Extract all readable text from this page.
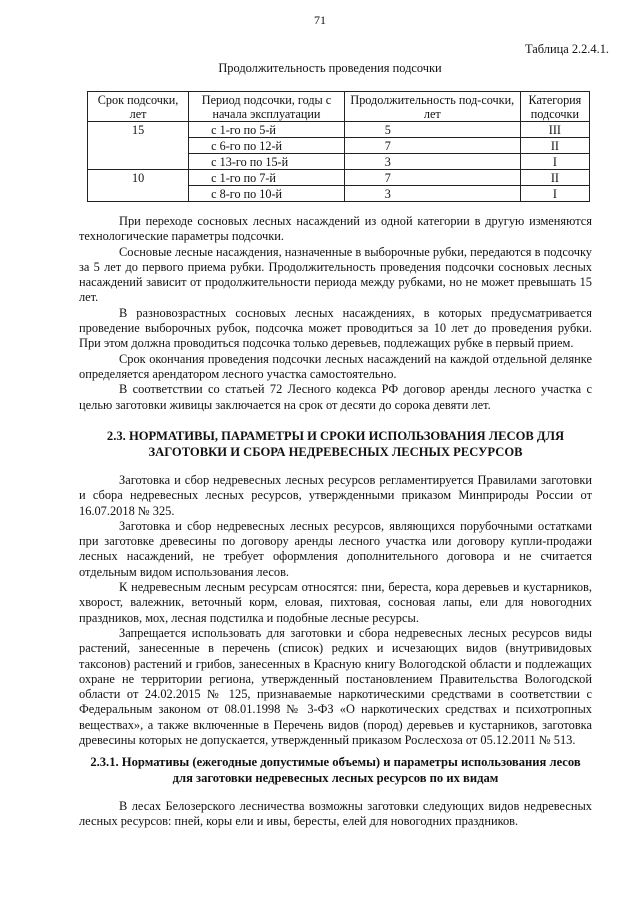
71
Таблица 2.2.4.1.
Продолжительность проведения подсочки
Срок подсочки, лет	Период подсочки, годы с начала эксплуатации	Продолжительность под-сочки, лет	Категория подсочки
15	с 1-го по 5-й	5	III
	с 6-го по 12-й	7	II
	с 13-го по 15-й	3	I
10	с 1-го по 7-й	7	II
	с 8-го по 10-й	3	I

При переходе сосновых лесных насаждений из одной категории в другую изменяются технологические параметры подсочки.

Сосновые лесные насаждения, назначенные в выборочные рубки, передаются в подсочку за 5 лет до первого приема рубки. Продолжительность проведения подсочки сосновых лесных насаждений зависит от продолжительности периода между рубками, но не может превышать 15 лет.

В разновозрастных сосновых лесных насаждениях, в которых предусматривается проведение выборочных рубок, подсочка может проводиться за 10 лет до проведения рубки. При этом должна проводиться подсочка только деревьев, подлежащих рубке в первый прием.

Срок окончания проведения подсочки лесных насаждений на каждой отдельной делянке определяется арендатором лесного участка самостоятельно.

В соответствии со статьей 72 Лесного кодекса РФ договор аренды лесного участка с целью заготовки живицы заключается на срок от десяти до сорока девяти лет.

2.3. НОРМАТИВЫ, ПАРАМЕТРЫ И СРОКИ ИСПОЛЬЗОВАНИЯ ЛЕСОВ ДЛЯ ЗАГОТОВКИ И СБОРА НЕДРЕВЕСНЫХ ЛЕСНЫХ РЕСУРСОВ

Заготовка и сбор недревесных лесных ресурсов регламентируется Правилами заготовки и сбора недревесных лесных ресурсов, утвержденными приказом Минприроды России от 16.07.2018 № 325.

Заготовка и сбор недревесных лесных ресурсов, являющихся порубочными остатками при заготовке древесины по договору аренды лесного участка или договору купли-продажи лесных насаждений, не требует оформления дополнительного договора и не считается отдельным видом использования лесов.

К недревесным лесным ресурсам относятся: пни, береста, кора деревьев и кустарников, хворост, валежник, веточный корм, еловая, пихтовая, сосновая лапы, ели для новогодних праздников, мох, лесная подстилка и подобные лесные ресурсы.

Запрещается использовать для заготовки и сбора недревесных лесных ресурсов виды растений, занесенные в перечень (список) редких и исчезающих видов (внутривидовых таксонов) растений и грибов, занесенных в Красную книгу Вологодской области и подлежащих охране не территории региона, утвержденный постановлением Правительства Вологодской области от 24.02.2015 № 125, признаваемые наркотическими средствами в соответствии с Федеральным законом от 08.01.1998 № 3-ФЗ «О наркотических средствах и психотропных веществах», а также включенные в Перечень видов (пород) деревьев и кустарников, заготовка древесины которых не допускается, утвержденный приказом Рослесхоза от 05.12.2011 № 513.

2.3.1. Нормативы (ежегодные допустимые объемы) и параметры использования лесов
для заготовки недревесных лесных ресурсов по их видам

В лесах Белозерского лесничества возможны заготовки следующих видов недревесных лесных ресурсов: пней, коры ели и ивы, бересты, елей для новогодних праздников.
